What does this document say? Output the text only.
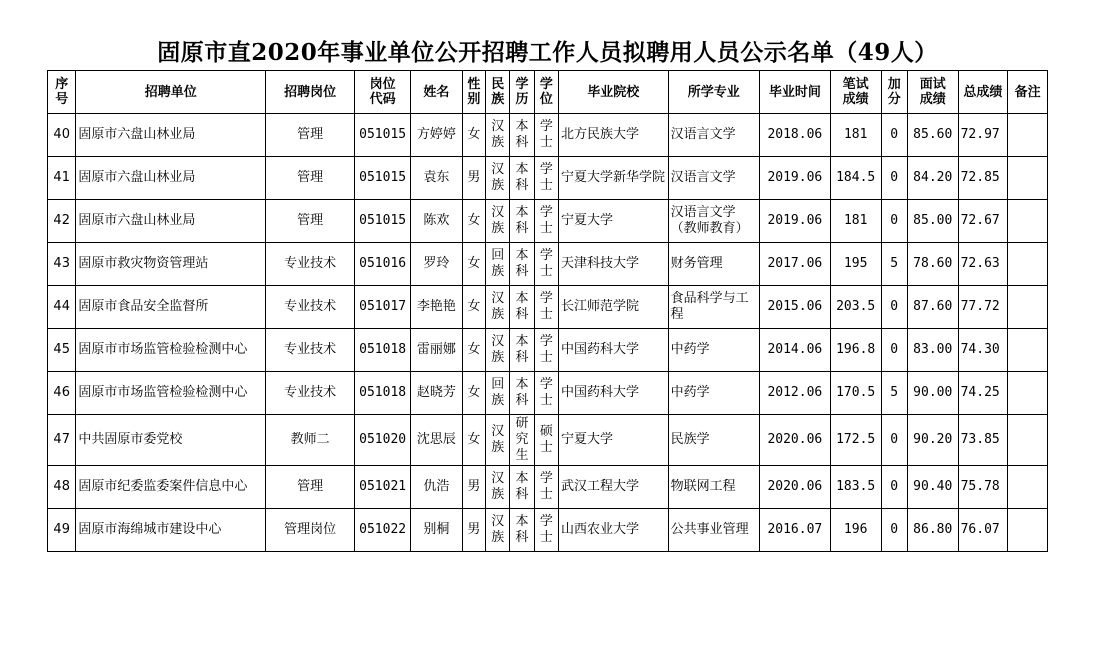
固原市直2020年事业单位公开招聘工作人员拟聘用人员公示名单（49人）
序号	招聘单位	招聘岗位	岗位代码	姓名	性别	民族	学历	学位	毕业院校	所学专业	毕业时间	笔试成绩	加分	面试成绩	总成绩	备注
40	固原市六盘山林业局	管理	051015	方婷婷	女	汉族	本科	学士	北方民族大学	汉语言文学	2018.06	181	0	85.60	72.97	
41	固原市六盘山林业局	管理	051015	袁东	男	汉族	本科	学士	宁夏大学新华学院	汉语言文学	2019.06	184.5	0	84.20	72.85	
42	固原市六盘山林业局	管理	051015	陈欢	女	汉族	本科	学士	宁夏大学	汉语言文学（教师教育）	2019.06	181	0	85.00	72.67	
43	固原市救灾物资管理站	专业技术	051016	罗玲	女	回族	本科	学士	天津科技大学	财务管理	2017.06	195	5	78.60	72.63	
44	固原市食品安全监督所	专业技术	051017	李艳艳	女	汉族	本科	学士	长江师范学院	食品科学与工程	2015.06	203.5	0	87.60	77.72	
45	固原市市场监管检验检测中心	专业技术	051018	雷丽娜	女	汉族	本科	学士	中国药科大学	中药学	2014.06	196.8	0	83.00	74.30	
46	固原市市场监管检验检测中心	专业技术	051018	赵晓芳	女	回族	本科	学士	中国药科大学	中药学	2012.06	170.5	5	90.00	74.25	
47	中共固原市委党校	教师二	051020	沈思辰	女	汉族	研究生	硕士	宁夏大学	民族学	2020.06	172.5	0	90.20	73.85	
48	固原市纪委监委案件信息中心	管理	051021	仇浩	男	汉族	本科	学士	武汉工程大学	物联网工程	2020.06	183.5	0	90.40	75.78	
49	固原市海绵城市建设中心	管理岗位	051022	别桐	男	汉族	本科	学士	山西农业大学	公共事业管理	2016.07	196	0	86.80	76.07	
